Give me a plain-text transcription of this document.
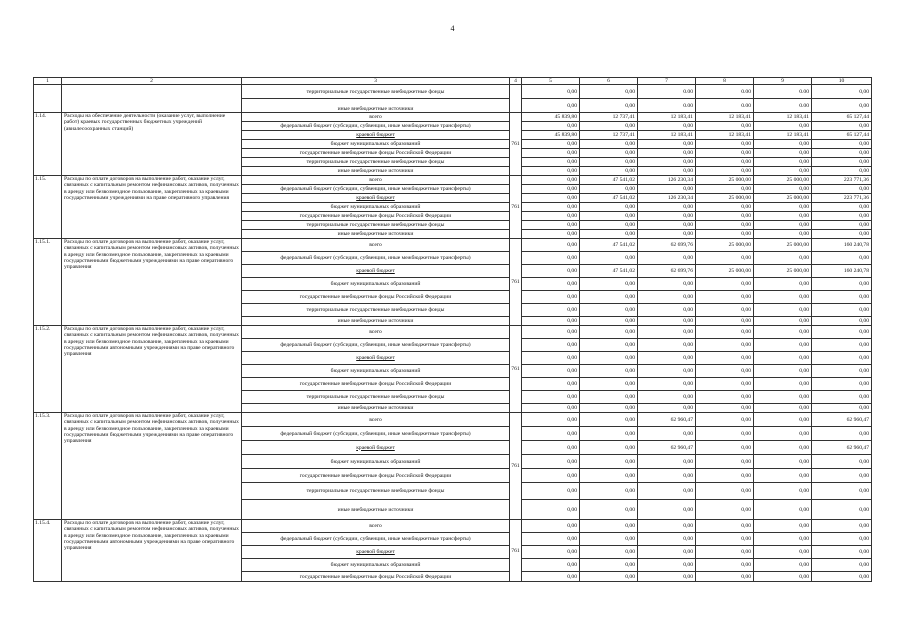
4
1	2	3	4	5	6	7	8	9	10
		территориальные государственные внебюджетные фонды		0,00	0,00	0.00	0.00	0.00	0,00
		иные внебюджетные источники		0,00	0,00	0.00	0.00	0.00	0,00
1.14.	Расходы на обеспечение деятельности (оказание услуг, выполнение работ) краевых государственных бюджетных учреждений (авиалесоохранных станций)	всего	761	45 839,80	12 737,41	12 183,41	12 183,41	12 183,41	65 127,44
		федеральный бюджет (субсидии, субвенции, иные межбюджетные трансферты)		0,00	0,00	0,00	0,00	0,00	0,00
		краевой бюджет		45 839,80	12 737,41	12 183,41	12 183,41	12 183,41	65 127,44
		бюджет муниципальных образований		0,00	0,00	0,00	0,00	0,00	0,00
		государственные внебюджетные фонды Российской Федерации		0,00	0,00	0,00	0,00	0,00	0,00
		территориальные государственные внебюджетные фонды		0,00	0,00	0,00	0,00	0,00	0,00
		иные внебюджетные источники		0,00	0,00	0,00	0,00	0,00	0,00
1.15.	Расходы по оплате договоров на выполнение работ, оказание услуг, связанных с капитальным ремонтом нефинансовых активов, полученных в аренду или безвозмездное пользование, закрепленных за краевыми государственными учреждениями на праве оперативного управления	всего	761	0,00	47 541,02	126 230,34	25 000,00	25 000,00	223 771,36
		федеральный бюджет (субсидии, субвенции, иные межбюджетные трансферты)		0,00	0,00	0,00	0,00	0,00	0,00
		краевой бюджет		0,00	47 541,02	126 230,34	25 000,00	25 000,00	223 771,36
		бюджет муниципальных образований		0,00	0,00	0,00	0,00	0,00	0,00
		государственные внебюджетные фонды Российской Федерации		0,00	0,00	0,00	0,00	0,00	0,00
		территориальные государственные внебюджетные фонды		0,00	0,00	0,00	0,00	0,00	0,00
		иные внебюджетные источники		0,00	0,00	0,00	0,00	0,00	0,00
1.15.1.	Расходы по оплате договоров на выполнение работ, оказание услуг, связанных с капитальным ремонтом нефинансовых активов, полученных в аренду или безвозмездное пользование, закрепленных за краевыми государственными бюджетными учреждениями на праве оперативного управления	всего	761	0,00	47 541,02	62 699,76	25 000,00	25 000,00	160 240,78
		федеральный бюджет (субсидии, субвенции, иные межбюджетные трансферты)		0,00	0,00	0,00	0,00	0,00	0,00
		краевой бюджет		0,00	47 541,02	62 699,76	25 000,00	25 000,00	160 240,78
		бюджет муниципальных образований		0,00	0,00	0,00	0,00	0,00	0,00
		государственные внебюджетные фонды Российской Федерации		0,00	0,00	0,00	0,00	0,00	0,00
		территориальные государственные внебюджетные фонды		0,00	0,00	0,00	0,00	0,00	0,00
		иные внебюджетные источники		0,00	0,00	0,00	0,00	0,00	0,00
1.15.2.	Расходы по оплате договоров на выполнение работ, оказание услуг, связанных с капитальным ремонтом нефинансовых активов, полученных в аренду или безвозмездное пользование, закрепленных за краевыми государственными автономными учреждениями на праве оперативного управления	всего	761	0,00	0,00	0,00	0,00	0,00	0,00
		федеральный бюджет (субсидии, субвенции, иные межбюджетные трансферты)		0,00	0,00	0,00	0,00	0,00	0,00
		краевой бюджет		0,00	0,00	0,00	0,00	0,00	0,00
		бюджет муниципальных образований		0,00	0,00	0,00	0,00	0,00	0,00
		государственные внебюджетные фонды Российской Федерации		0,00	0,00	0,00	0,00	0,00	0,00
		территориальные государственные внебюджетные фонды		0,00	0,00	0,00	0,00	0,00	0,00
		иные внебюджетные источники		0,00	0,00	0,00	0,00	0,00	0,00
1.15.3.	Расходы по оплате договоров на выполнение работ, оказание услуг, связанных с капитальным ремонтом нефинансовых активов, полученных в аренду или безвозмездное пользование, закрепленных за краевыми государственными бюджетными учреждениями на праве оперативного управления	всего	761	0,00	0,00	62 960,47	0,00	0,00	62 960,47
		федеральный бюджет (субсидии, субвенции, иные межбюджетные трансферты)		0,00	0,00	0,00	0,00	0,00	0,00
		краевой бюджет		0,00	0,00	62 960,47	0,00	0,00	62 960,47
		бюджет муниципальных образований		0,00	0,00	0,00	0,00	0,00	0,00
		государственные внебюджетные фонды Российской Федерации		0,00	0,00	0,00	0,00	0,00	0,00
		территориальные государственные внебюджетные фонды		0,00	0,00	0,00	0,00	0,00	0,00
		иные внебюджетные источники		0,00	0,00	0,00	0,00	0,00	0,00
1.15.4.	Расходы по оплате договоров на выполнение работ, оказание услуг, связанных с капитальным ремонтом нефинансовых активов, полученных в аренду или безвозмездное пользование, закрепленных за краевыми государственными автономными учреждениями на праве оперативного управления	всего	761	0,00	0,00	0,00	0,00	0,00	0,00
		федеральный бюджет (субсидии, субвенции, иные межбюджетные трансферты)		0,00	0,00	0,00	0,00	0,00	0,00
		краевой бюджет		0,00	0,00	0,00	0,00	0,00	0,00
		бюджет муниципальных образований		0,00	0,00	0,00	0,00	0,00	0,00
		государственные внебюджетные фонды Российской Федерации		0,00	0,00	0,00	0,00	0,00	0,00
